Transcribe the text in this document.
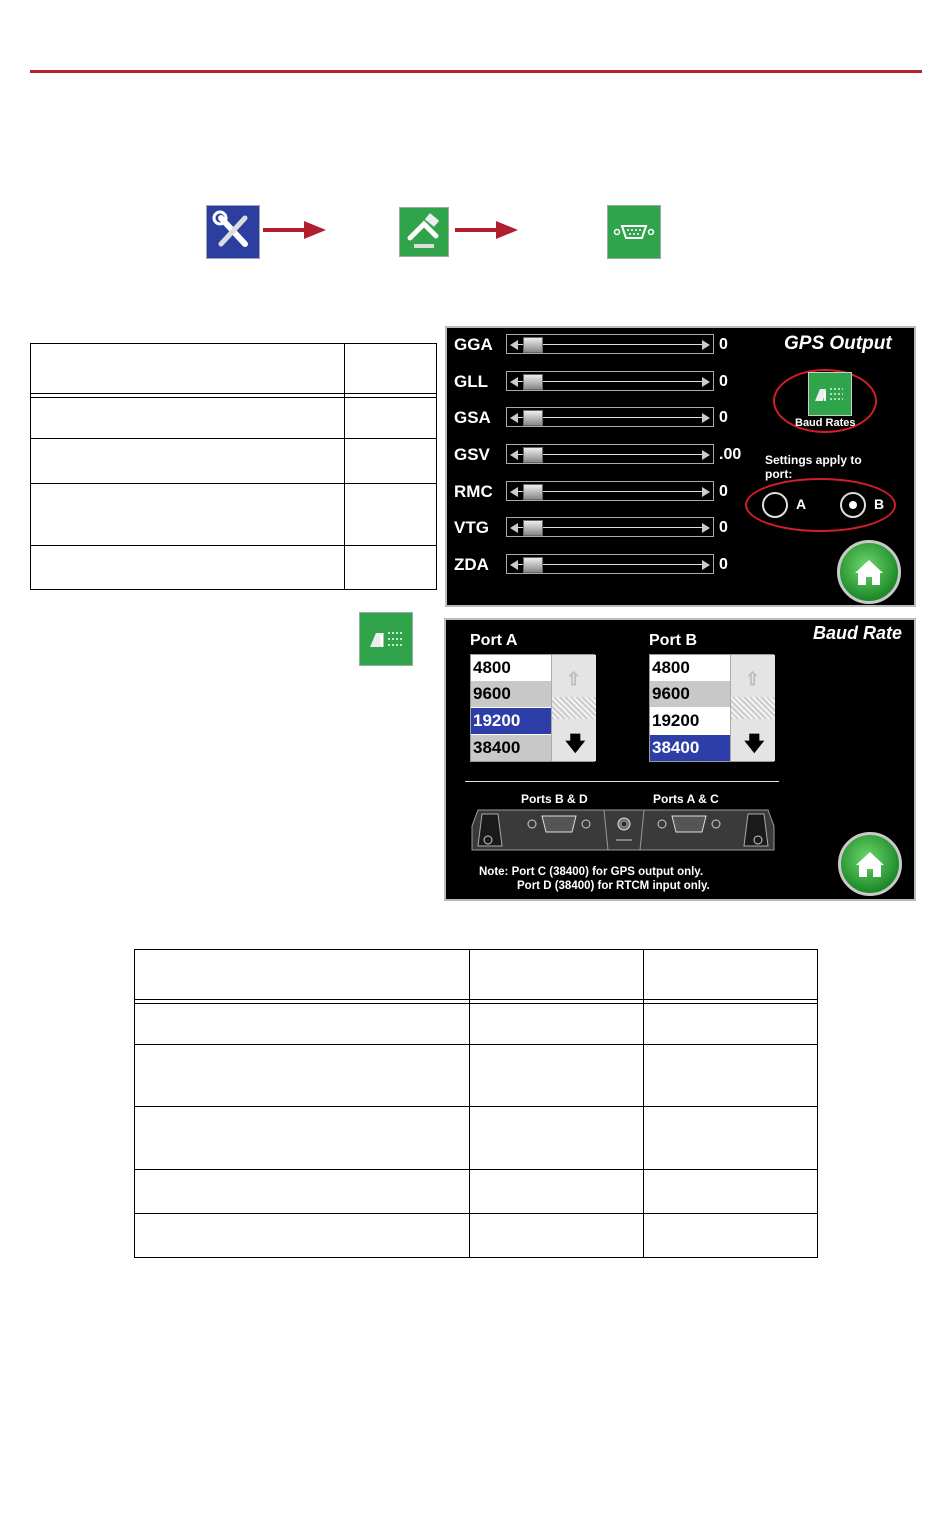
GPS Output
GGA	0
GLL	0
GSA	0
GSV	.00
RMC	0
VTG	0
ZDA	0
Baud Rates
Settings apply to port:
A	B
Baud Rate
Port A
4800
9600
19200
38400
⇧
🡇
Port B
4800
9600
19200
38400
⇧
🡇
Ports B & D	Ports A & C
Note: Port C (38400) for GPS output only.
Port D (38400) for RTCM input only.
